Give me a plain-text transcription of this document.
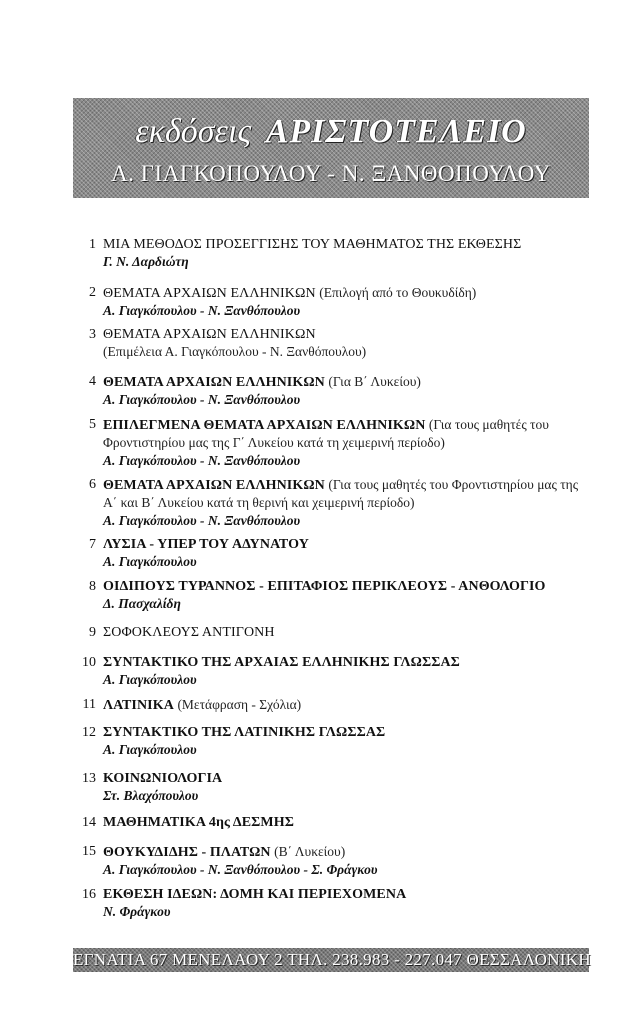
εκδόσεις ΑΡΙΣΤΟΤΕΛΕΙΟ
Α. ΓΙΑΓΚΟΠΟΥΛΟΥ - Ν. ΞΑΝΘΟΠΟΥΛΟΥ
1 ΜΙΑ ΜΕΘΟΔΟΣ ΠΡΟΣΕΓΓΙΣΗΣ ΤΟΥ ΜΑΘΗΜΑΤΟΣ ΤΗΣ ΕΚΘΕΣΗΣ
Γ. Ν. Δαρδιώτη
2 ΘΕΜΑΤΑ ΑΡΧΑΙΩΝ ΕΛΛΗΝΙΚΩΝ (Επιλογή από το Θουκυδίδη)
Α. Γιαγκόπουλου - Ν. Ξανθόπουλου
3 ΘΕΜΑΤΑ ΑΡΧΑΙΩΝ ΕΛΛΗΝΙΚΩΝ
(Επιμέλεια Α. Γιαγκόπουλου - Ν. Ξανθόπουλου)
4 ΘΕΜΑΤΑ ΑΡΧΑΙΩΝ ΕΛΛΗΝΙΚΩΝ (Για Β΄ Λυκείου)
Α. Γιαγκόπουλου - Ν. Ξανθόπουλου
5 ΕΠΙΛΕΓΜΕΝΑ ΘΕΜΑΤΑ ΑΡΧΑΙΩΝ ΕΛΛΗΝΙΚΩΝ (Για τους μαθητές του Φροντιστηρίου μας της Γ΄ Λυκείου κατά τη χειμερινή περίοδο)
Α. Γιαγκόπουλου - Ν. Ξανθόπουλου
6 ΘΕΜΑΤΑ ΑΡΧΑΙΩΝ ΕΛΛΗΝΙΚΩΝ (Για τους μαθητές του Φροντιστηρίου μας της Α΄ και Β΄ Λυκείου κατά τη θερινή και χειμερινή περίοδο)
Α. Γιαγκόπουλου - Ν. Ξανθόπουλου
7 ΛΥΣΙΑ - ΥΠΕΡ ΤΟΥ ΑΔΥΝΑΤΟΥ
Α. Γιαγκόπουλου
8 ΟΙΔΙΠΟΥΣ ΤΥΡΑΝΝΟΣ - ΕΠΙΤΑΦΙΟΣ ΠΕΡΙΚΛΕΟΥΣ - ΑΝΘΟΛΟΓΙΟ
Δ. Πασχαλίδη
9 ΣΟΦΟΚΛΕΟΥΣ ΑΝΤΙΓΟΝΗ
10 ΣΥΝΤΑΚΤΙΚΟ ΤΗΣ ΑΡΧΑΙΑΣ ΕΛΛΗΝΙΚΗΣ ΓΛΩΣΣΑΣ
Α. Γιαγκόπουλου
11 ΛΑΤΙΝΙΚΑ (Μετάφραση - Σχόλια)
12 ΣΥΝΤΑΚΤΙΚΟ ΤΗΣ ΛΑΤΙΝΙΚΗΣ ΓΛΩΣΣΑΣ
Α. Γιαγκόπουλου
13 ΚΟΙΝΩΝΙΟΛΟΓΙΑ
Στ. Βλαχόπουλου
14 ΜΑΘΗΜΑΤΙΚΑ 4ης ΔΕΣΜΗΣ
15 ΘΟΥΚΥΔΙΔΗΣ - ΠΛΑΤΩΝ (Β΄ Λυκείου)
Α. Γιαγκόπουλου - Ν. Ξανθόπουλου - Σ. Φράγκου
16 ΕΚΘΕΣΗ ΙΔΕΩΝ: ΔΟΜΗ ΚΑΙ ΠΕΡΙΕΧΟΜΕΝΑ
Ν. Φράγκου
ΕΓΝΑΤΙΑ 67 ΜΕΝΕΛΑΟΥ 2 ΤΗΛ. 238.983 - 227.047 ΘΕΣΣΑΛΟΝΙΚΗ
